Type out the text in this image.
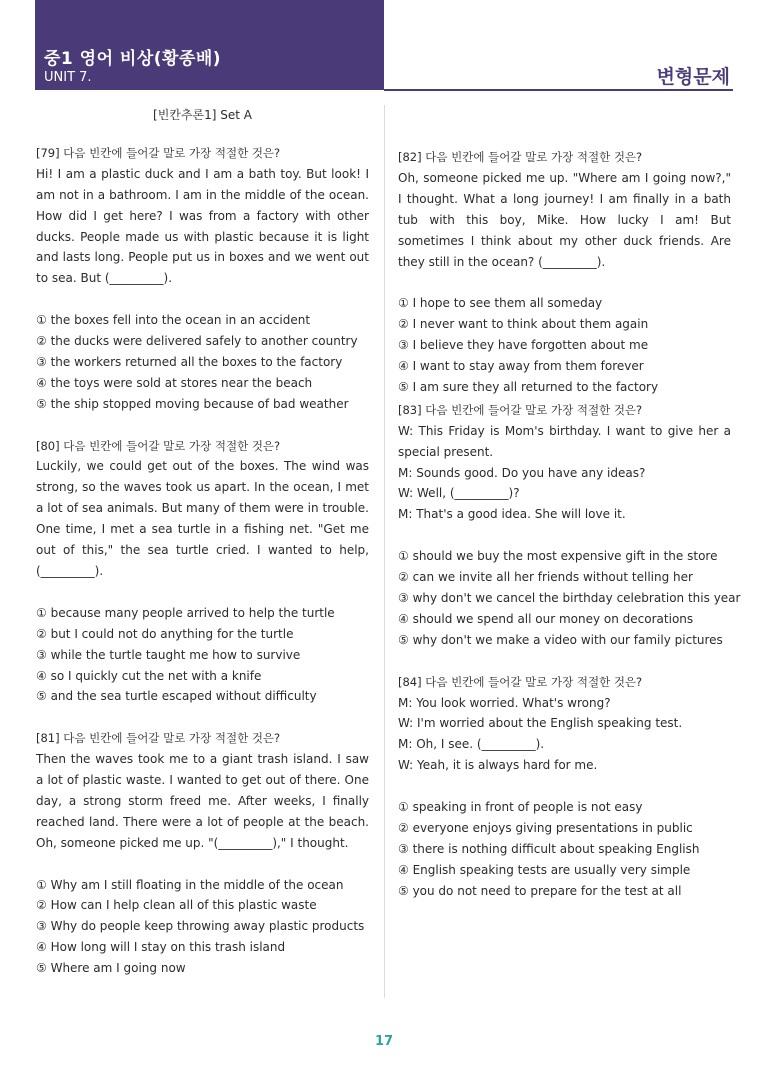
중1 영어 비상(황종배)
UNIT 7.	변형문제

[빈칸추론1] Set A

[79] 다음 빈칸에 들어갈 말로 가장 적절한 것은?

Hi! I am a plastic duck and I am a bath toy. But look! I am not in a bathroom. I am in the middle of the ocean. How did I get here? I was from a factory with other ducks. People made us with plastic because it is light and lasts long. People put us in boxes and we went out to sea. But (_________).

① the boxes fell into the ocean in an accident
② the ducks were delivered safely to another country
③ the workers returned all the boxes to the factory
④ the toys were sold at stores near the beach
⑤ the ship stopped moving because of bad weather

[80] 다음 빈칸에 들어갈 말로 가장 적절한 것은?

Luckily, we could get out of the boxes. The wind was strong, so the waves took us apart. In the ocean, I met a lot of sea animals. But many of them were in trouble. One time, I met a sea turtle in a fishing net. "Get me out of this," the sea turtle cried. I wanted to help, (_________).

① because many people arrived to help the turtle
② but I could not do anything for the turtle
③ while the turtle taught me how to survive
④ so I quickly cut the net with a knife
⑤ and the sea turtle escaped without difficulty

[81] 다음 빈칸에 들어갈 말로 가장 적절한 것은?

Then the waves took me to a giant trash island. I saw a lot of plastic waste. I wanted to get out of there. One day, a strong storm freed me. After weeks, I finally reached land. There were a lot of people at the beach. Oh, someone picked me up. "(_________)," I thought.

① Why am I still floating in the middle of the ocean
② How can I help clean all of this plastic waste
③ Why do people keep throwing away plastic products
④ How long will I stay on this trash island
⑤ Where am I going now

[82] 다음 빈칸에 들어갈 말로 가장 적절한 것은?

Oh, someone picked me up. "Where am I going now?," I thought. What a long journey! I am finally in a bath tub with this boy, Mike. How lucky I am! But sometimes I think about my other duck friends. Are they still in the ocean? (_________).

① I hope to see them all someday
② I never want to think about them again
③ I believe they have forgotten about me
④ I want to stay away from them forever
⑤ I am sure they all returned to the factory

[83] 다음 빈칸에 들어갈 말로 가장 적절한 것은?

W: This Friday is Mom's birthday. I want to give her a special present.

M: Sounds good. Do you have any ideas?

W: Well, (_________)?

M: That's a good idea. She will love it.

① should we buy the most expensive gift in the store
② can we invite all her friends without telling her
③ why don't we cancel the birthday celebration this year
④ should we spend all our money on decorations
⑤ why don't we make a video with our family pictures

[84] 다음 빈칸에 들어갈 말로 가장 적절한 것은?

M: You look worried. What's wrong?

W: I'm worried about the English speaking test.

M: Oh, I see. (_________).

W: Yeah, it is always hard for me.

① speaking in front of people is not easy
② everyone enjoys giving presentations in public
③ there is nothing difficult about speaking English
④ English speaking tests are usually very simple
⑤ you do not need to prepare for the test at all
17
